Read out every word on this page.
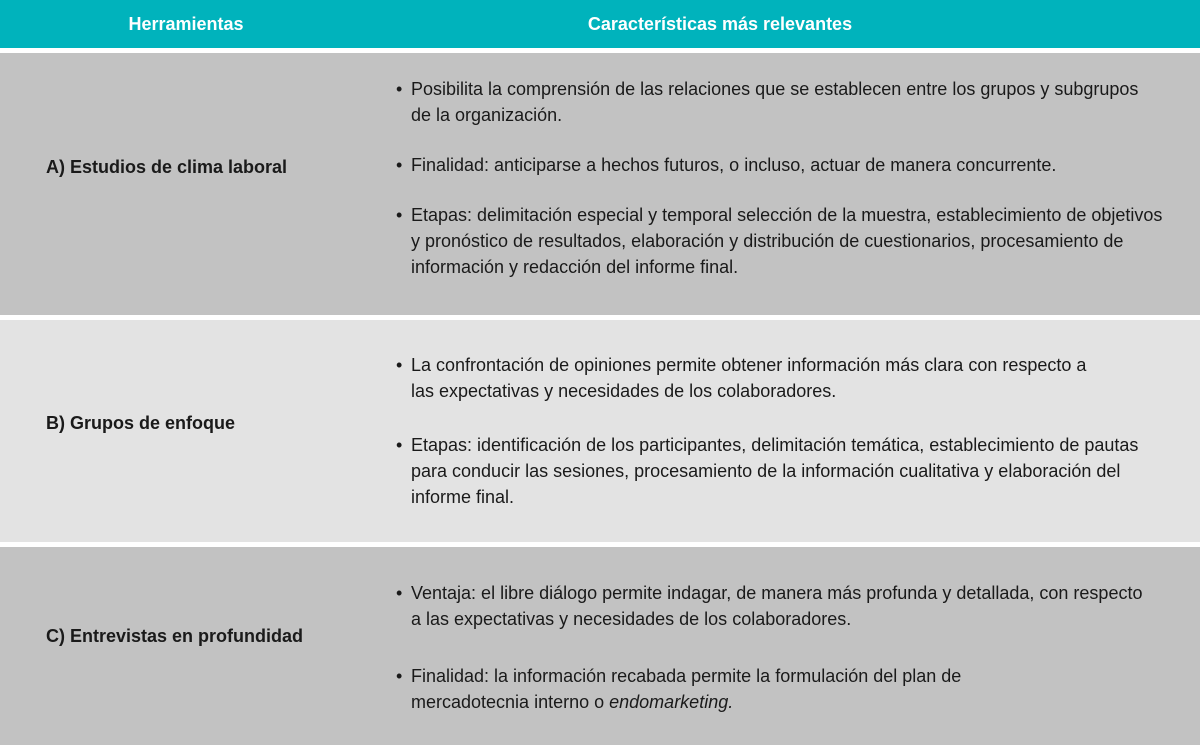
Herramientas	Características más relevantes
A) Estudios de clima laboral
• Posibilita la comprensión de las relaciones que se establecen entre los grupos y subgrupos de la organización.
• Finalidad: anticiparse a hechos futuros, o incluso, actuar de manera concurrente.
• Etapas: delimitación especial y temporal selección de la muestra, establecimiento de objetivos y pronóstico de resultados, elaboración y distribución de cuestionarios, procesamiento de información y redacción del informe final.
B) Grupos de enfoque
• La confrontación de opiniones permite obtener información más clara con respecto a las expectativas y necesidades de los colaboradores.
• Etapas: identificación de los participantes, delimitación temática, establecimiento de pautas para conducir las sesiones, procesamiento de la información cualitativa y elaboración del informe final.
C) Entrevistas en profundidad
• Ventaja: el libre diálogo permite indagar, de manera más profunda y detallada, con respecto a las expectativas y necesidades de los colaboradores.
• Finalidad: la información recabada permite la formulación del plan de mercadotecnia interno o endomarketing.
